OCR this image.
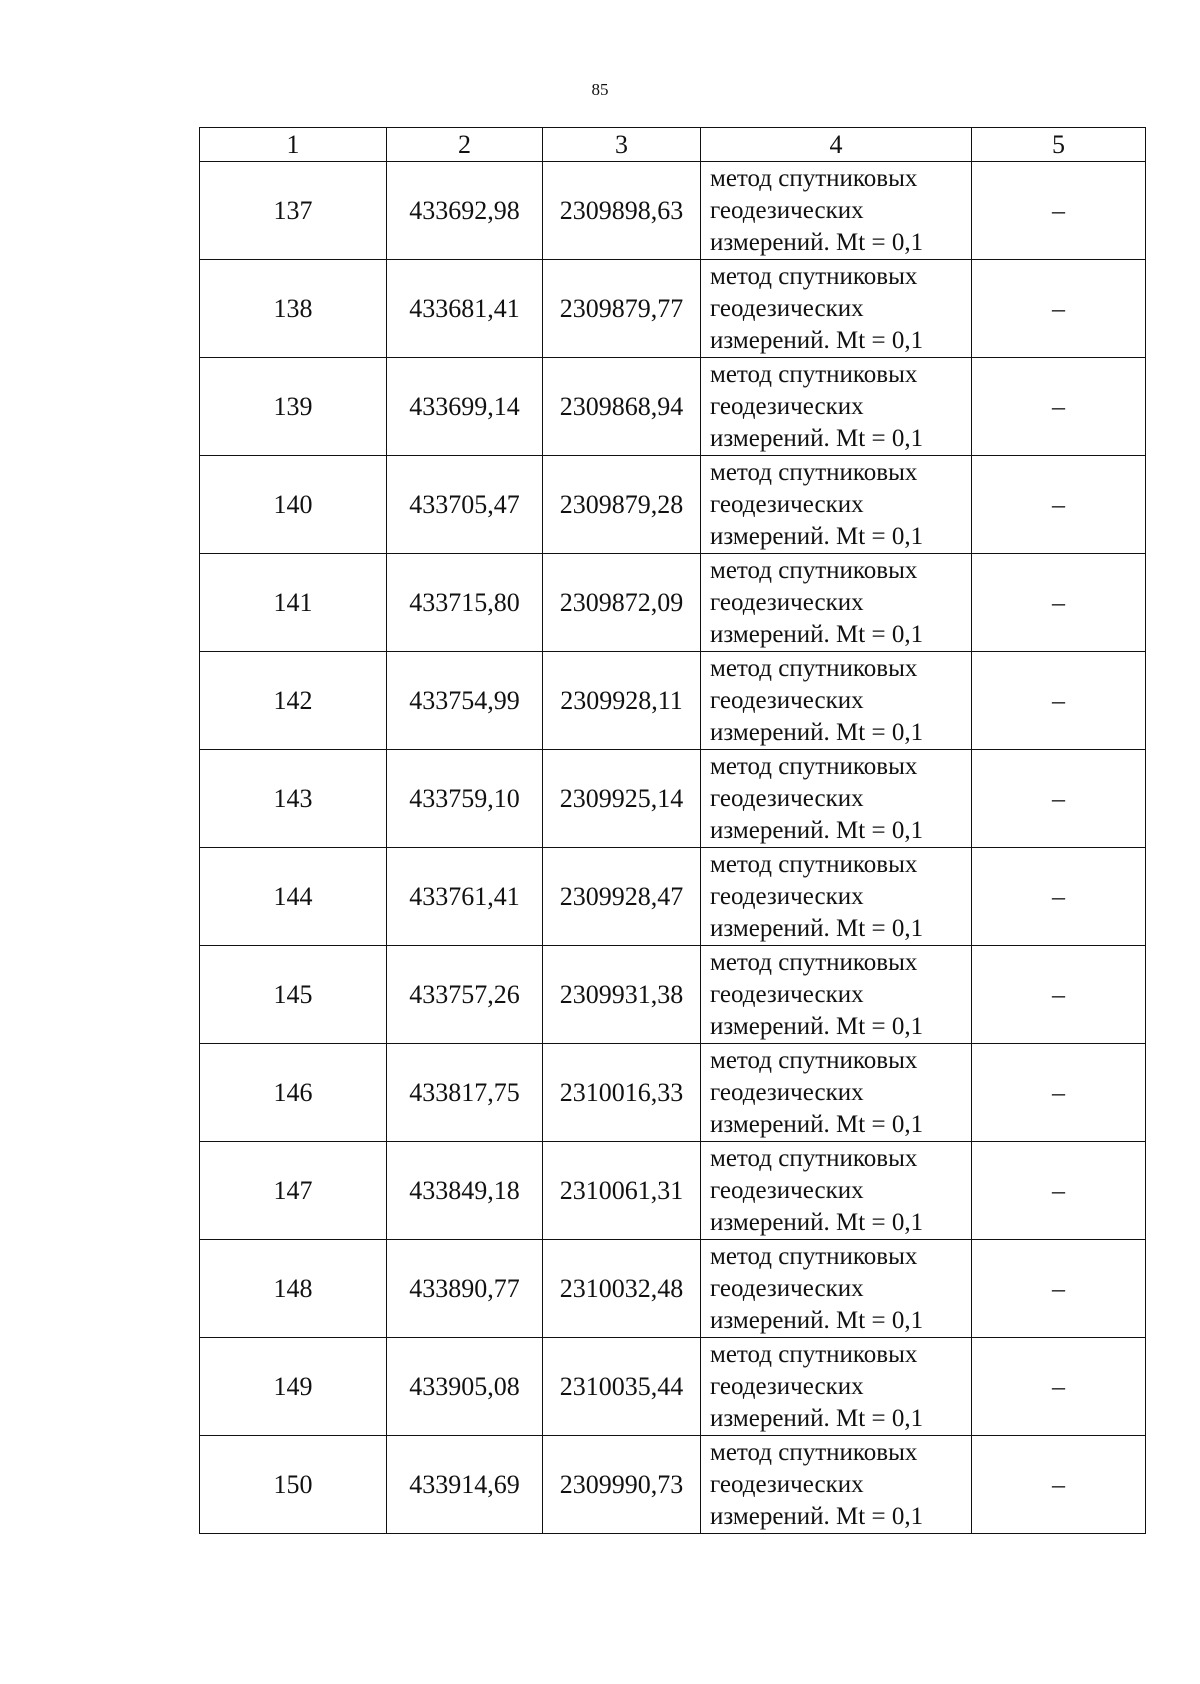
85
1	2	3	4	5
137	433692,98	2309898,63	метод спутниковых
геодезических
измерений. Mt = 0,1	–
138	433681,41	2309879,77	метод спутниковых
геодезических
измерений. Mt = 0,1	–
139	433699,14	2309868,94	метод спутниковых
геодезических
измерений. Mt = 0,1	–
140	433705,47	2309879,28	метод спутниковых
геодезических
измерений. Mt = 0,1	–
141	433715,80	2309872,09	метод спутниковых
геодезических
измерений. Mt = 0,1	–
142	433754,99	2309928,11	метод спутниковых
геодезических
измерений. Mt = 0,1	–
143	433759,10	2309925,14	метод спутниковых
геодезических
измерений. Mt = 0,1	–
144	433761,41	2309928,47	метод спутниковых
геодезических
измерений. Mt = 0,1	–
145	433757,26	2309931,38	метод спутниковых
геодезических
измерений. Mt = 0,1	–
146	433817,75	2310016,33	метод спутниковых
геодезических
измерений. Mt = 0,1	–
147	433849,18	2310061,31	метод спутниковых
геодезических
измерений. Mt = 0,1	–
148	433890,77	2310032,48	метод спутниковых
геодезических
измерений. Mt = 0,1	–
149	433905,08	2310035,44	метод спутниковых
геодезических
измерений. Mt = 0,1	–
150	433914,69	2309990,73	метод спутниковых
геодезических
измерений. Mt = 0,1	–
